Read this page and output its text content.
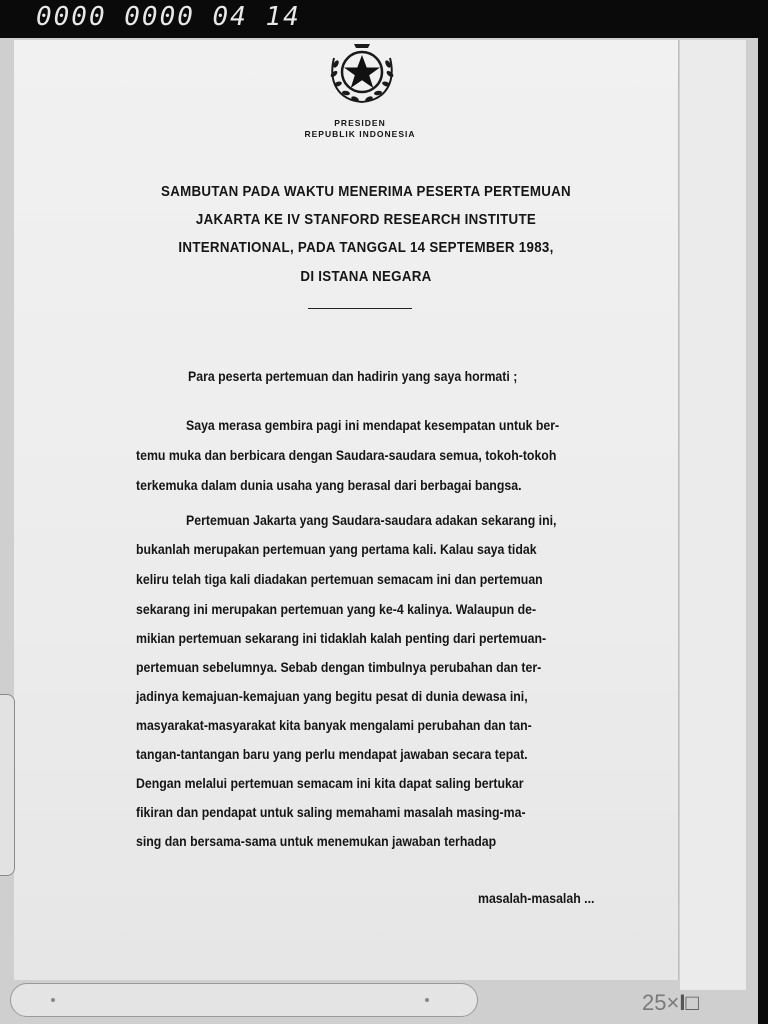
0000 0000 04 14
PRESIDEN
REPUBLIK INDONESIA
SAMBUTAN PADA WAKTU MENERIMA PESERTA PERTEMUAN
JAKARTA KE IV STANFORD RESEARCH INSTITUTE
INTERNATIONAL, PADA TANGGAL 14 SEPTEMBER 1983,
DI ISTANA NEGARA
Para peserta pertemuan dan hadirin yang saya hormati ;
Saya merasa gembira pagi ini mendapat kesempatan untuk ber-
temu muka dan berbicara dengan Saudara-saudara semua, tokoh-tokoh
terkemuka dalam dunia usaha yang berasal dari berbagai bangsa.
Pertemuan Jakarta yang Saudara-saudara adakan sekarang ini,
bukanlah merupakan pertemuan yang pertama kali. Kalau saya tidak
keliru telah tiga kali diadakan pertemuan semacam ini dan pertemuan
sekarang ini merupakan pertemuan yang ke-4 kalinya. Walaupun de-
mikian pertemuan sekarang ini tidaklah kalah penting dari pertemuan-
pertemuan sebelumnya. Sebab dengan timbulnya perubahan dan ter-
jadinya kemajuan-kemajuan yang begitu pesat di dunia dewasa ini,
masyarakat-masyarakat kita banyak mengalami perubahan dan tan-
tangan-tantangan baru yang perlu mendapat jawaban secara tepat.
Dengan melalui pertemuan semacam ini kita dapat saling bertukar
fikiran dan pendapat untuk saling memahami masalah masing-ma-
sing dan bersama-sama untuk menemukan jawaban terhadap
masalah-masalah ...
25×I□
